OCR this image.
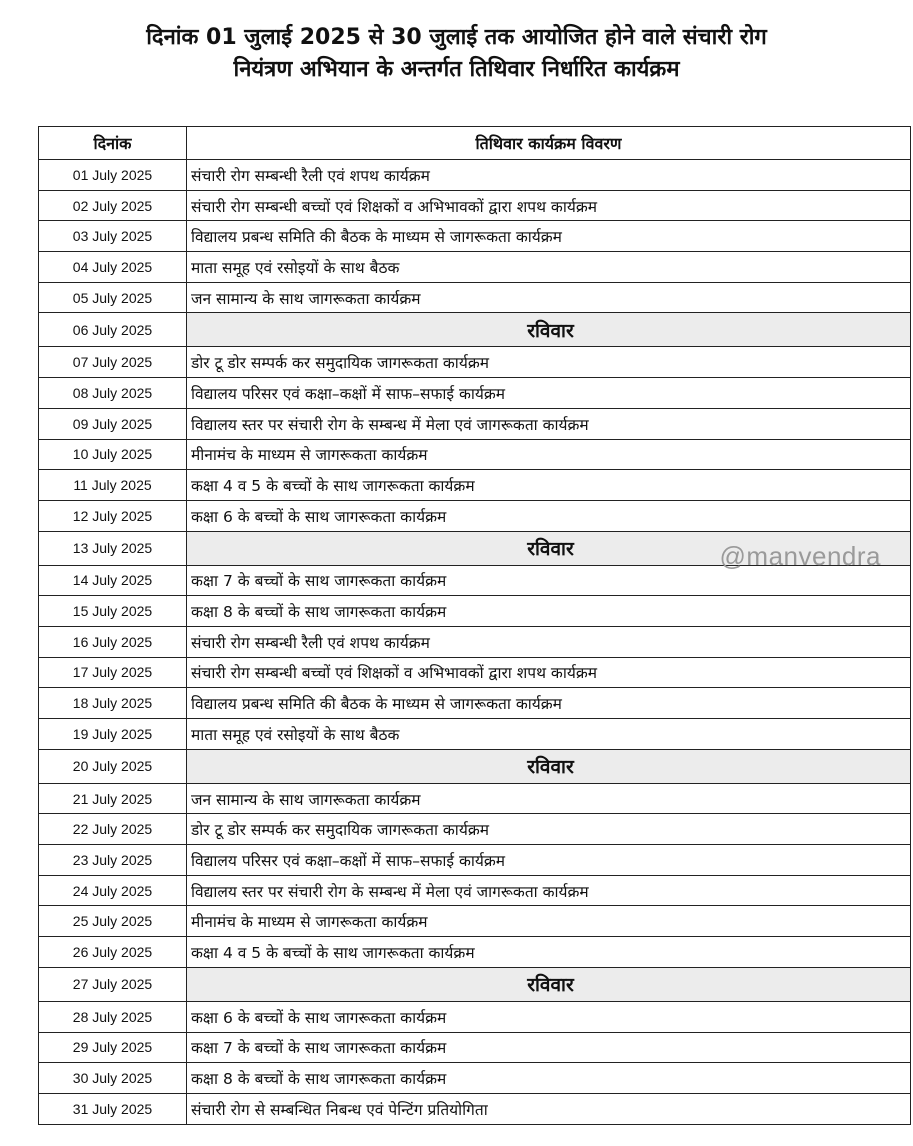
दिनांक 01 जुलाई 2025 से 30 जुलाई तक आयोजित होने वाले संचारी रोग
नियंत्रण अभियान के अन्तर्गत तिथिवार निर्धारित कार्यक्रम
दिनांक	तिथिवार कार्यक्रम विवरण
01 July 2025	संचारी रोग सम्बन्धी रैली एवं शपथ कार्यक्रम
02 July 2025	संचारी रोग सम्बन्धी बच्चों एवं शिक्षकों व अभिभावकों द्वारा शपथ कार्यक्रम
03 July 2025	विद्यालय प्रबन्ध समिति की बैठक के माध्यम से जागरूकता कार्यक्रम
04 July 2025	माता समूह एवं रसोइयों के साथ बैठक
05 July 2025	जन सामान्य के साथ जागरूकता कार्यक्रम
06 July 2025	रविवार
07 July 2025	डोर टू डोर सम्पर्क कर समुदायिक जागरूकता कार्यक्रम
08 July 2025	विद्यालय परिसर एवं कक्षा–कक्षों में साफ–सफाई कार्यक्रम
09 July 2025	विद्यालय स्तर पर संचारी रोग के सम्बन्ध में मेला एवं जागरूकता कार्यक्रम
10 July 2025	मीनामंच के माध्यम से जागरूकता कार्यक्रम
11 July 2025	कक्षा 4 व 5 के बच्चों के साथ जागरूकता कार्यक्रम
12 July 2025	कक्षा 6 के बच्चों के साथ जागरूकता कार्यक्रम
13 July 2025	रविवार
14 July 2025	कक्षा 7 के बच्चों के साथ जागरूकता कार्यक्रम
15 July 2025	कक्षा 8 के बच्चों के साथ जागरूकता कार्यक्रम
16 July 2025	संचारी रोग सम्बन्धी रैली एवं शपथ कार्यक्रम
17 July 2025	संचारी रोग सम्बन्धी बच्चों एवं शिक्षकों व अभिभावकों द्वारा शपथ कार्यक्रम
18 July 2025	विद्यालय प्रबन्ध समिति की बैठक के माध्यम से जागरूकता कार्यक्रम
19 July 2025	माता समूह एवं रसोइयों के साथ बैठक
20 July 2025	रविवार
21 July 2025	जन सामान्य के साथ जागरूकता कार्यक्रम
22 July 2025	डोर टू डोर सम्पर्क कर समुदायिक जागरूकता कार्यक्रम
23 July 2025	विद्यालय परिसर एवं कक्षा–कक्षों में साफ–सफाई कार्यक्रम
24 July 2025	विद्यालय स्तर पर संचारी रोग के सम्बन्ध में मेला एवं जागरूकता कार्यक्रम
25 July 2025	मीनामंच के माध्यम से जागरूकता कार्यक्रम
26 July 2025	कक्षा 4 व 5 के बच्चों के साथ जागरूकता कार्यक्रम
27 July 2025	रविवार
28 July 2025	कक्षा 6 के बच्चों के साथ जागरूकता कार्यक्रम
29 July 2025	कक्षा 7 के बच्चों के साथ जागरूकता कार्यक्रम
30 July 2025	कक्षा 8 के बच्चों के साथ जागरूकता कार्यक्रम
31 July 2025	संचारी रोग से सम्बन्धित निबन्ध एवं पेन्टिंग प्रतियोगिता
@manvendra
